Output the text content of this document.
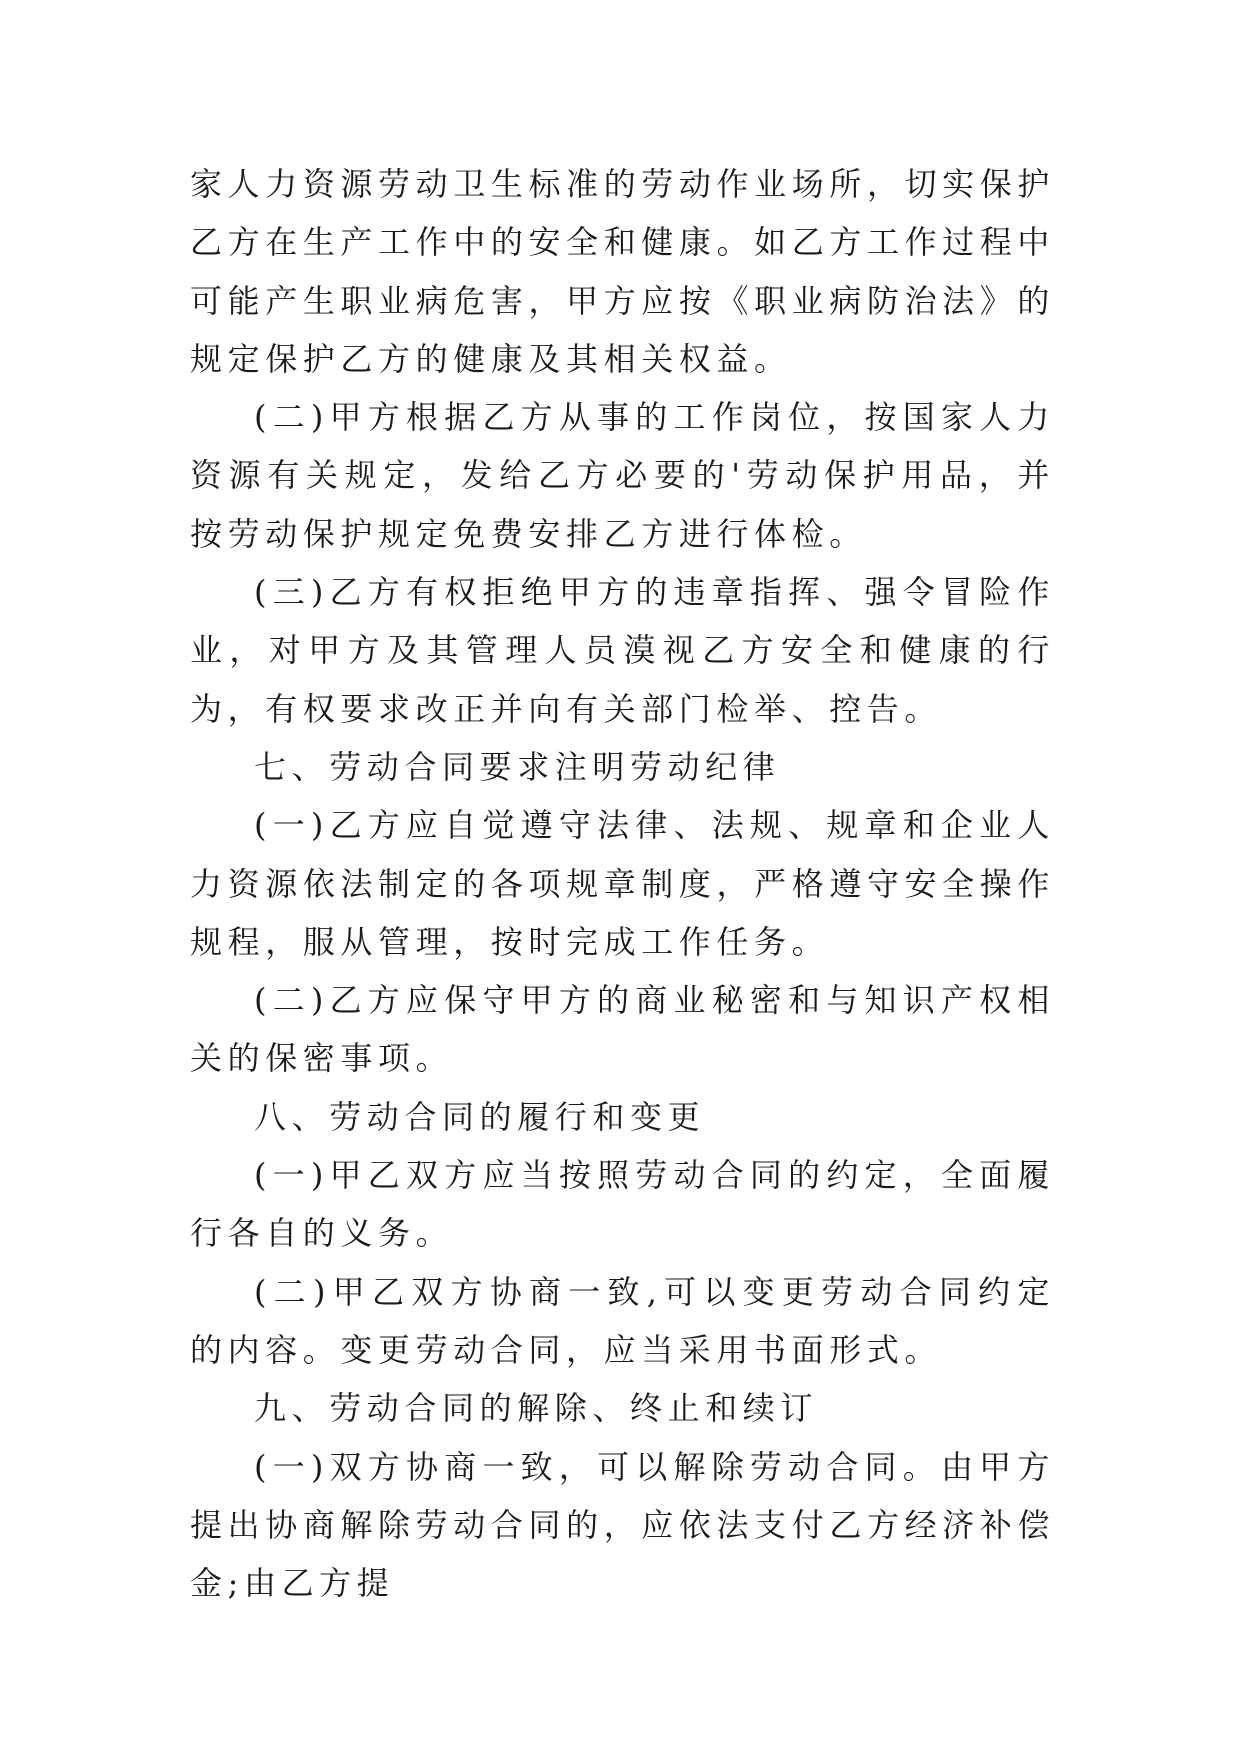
家人力资源劳动卫生标准的劳动作业场所，切实保护乙方在生产工作中的安全和健康。如乙方工作过程中可能产生职业病危害，甲方应按《职业病防治法》的规定保护乙方的健康及其相关权益。

(二)甲方根据乙方从事的工作岗位，按国家人力资源有关规定，发给乙方必要的'劳动保护用品，并按劳动保护规定免费安排乙方进行体检。

(三)乙方有权拒绝甲方的违章指挥、强令冒险作业，对甲方及其管理人员漠视乙方安全和健康的行为，有权要求改正并向有关部门检举、控告。

七、劳动合同要求注明劳动纪律

(一)乙方应自觉遵守法律、法规、规章和企业人力资源依法制定的各项规章制度，严格遵守安全操作规程，服从管理，按时完成工作任务。

(二)乙方应保守甲方的商业秘密和与知识产权相关的保密事项。

八、劳动合同的履行和变更

(一)甲乙双方应当按照劳动合同的约定，全面履行各自的义务。

(二)甲乙双方协商一致,可以变更劳动合同约定的内容。变更劳动合同，应当采用书面形式。

九、劳动合同的解除、终止和续订

(一)双方协商一致，可以解除劳动合同。由甲方提出协商解除劳动合同的，应依法支付乙方经济补偿金;由乙方提
